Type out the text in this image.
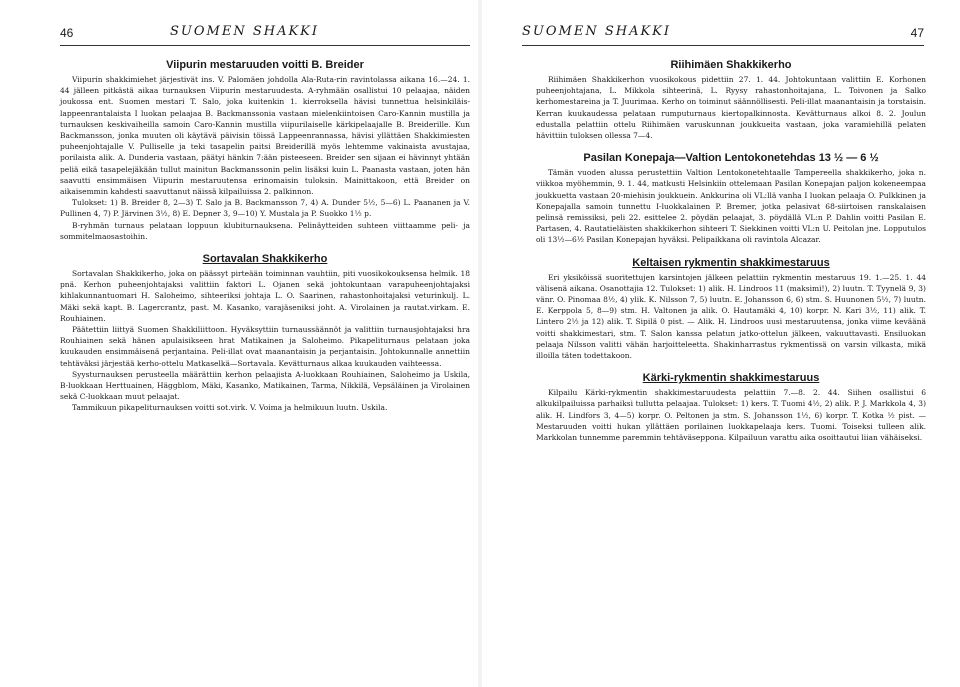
46	SUOMEN SHAKKI
Viipurin mestaruuden voitti B. Breider

Viipurin shakkimiehet järjestivät ins. V. Palomäen johdolla Ala-Ruta-rin ravintolassa aikana 16.—24. 1. 44 jälleen pitkästä aikaa turnauksen Viipurin mestaruudesta. A-ryhmään osallistui 10 pelaajaa, näiden joukossa ent. Suomen mestari T. Salo, joka kuitenkin 1. kierroksella hävisi tunnettua helsinkiläis-lappeenrantalaista I luokan pelaajaa B. Backmanssonia vastaan mielenkiintoisen Caro-Kannin mustilla ja turnauksen keskivaiheilla samoin Caro-Kannin mustilla viipurilaiselle kärkipelaajalle B. Breiderille. Kun Backmansson, jonka muuten oli käytävä päivisin töissä Lappeenrannassa, hävisi yllättäen Shakkimiesten puheenjohtajalle V. Pulliselle ja teki tasapelin paitsi Breiderillä myös lehtemme vakinaista avustajaa, porilaista alik. A. Dunderia vastaan, päätyi hänkin 7:ään pisteeseen. Breider sen sijaan ei hävinnyt yhtään peliä eikä tasapelejäkään tullut mainitun Backmanssonin pelin lisäksi kuin L. Paanasta vastaan, joten hän saavutti ensimmäisen Viipurin mestaruutensa erinomaisin tuloksin. Mainittakoon, että Breider on aikaisemmin kahdesti saavuttanut näissä kilpailuissa 2. palkinnon.

Tulokset: 1) B. Breider 8, 2—3) T. Salo ja B. Backmansson 7, 4) A. Dunder 5½, 5—6) L. Paananen ja V. Pullinen 4, 7) P. Järvinen 3½, 8) E. Depner 3, 9—10) Y. Mustala ja P. Suokko 1½ p.

B-ryhmän turnaus pelataan loppuun klubiturnauksena. Pelinäytteiden suhteen viittaamme peli- ja sommitelmaosastoihin.

Sortavalan Shakkikerho

Sortavalan Shakkikerho, joka on päässyt pirteään toiminnan vauhtiin, piti vuosikokouksensa helmik. 18 pnä. Kerhon puheenjohtajaksi valittiin faktori L. Ojanen sekä johtokuntaan varapuheenjohtajaksi kihlakunnantuomari H. Saloheimo, sihteeriksi johtaja L. O. Saarinen, rahastonhoitajaksi veturinkulj. L. Mäki sekä kapt. B. Lagercrantz, past. M. Kasanko, varajäseniksi joht. A. Virolainen ja rautat.virkam. E. Rouhiainen.

Päätettiin liittyä Suomen Shakkiliittoon. Hyväksyttiin turnaussäännöt ja valittiin turnausjohtajaksi hra Rouhiainen sekä hänen apulaisikseen hrat Matikainen ja Saloheimo. Pikapeliturnaus pelataan joka kuukauden ensimmäisenä perjantaina. Peli-illat ovat maanantaisin ja perjantaisin. Johtokunnalle annettiin tehtäväksi järjestää kerho-ottelu Matkaselkä—Sortavala. Kevätturnaus alkaa kuukauden vaihteessa.

Syysturnauksen perusteella määrättiin kerhon pelaajista A-luokkaan Rouhiainen, Saloheimo ja Uskila, B-luokkaan Herttuainen, Häggblom, Mäki, Kasanko, Matikainen, Tarma, Nikkilä, Vepsäläinen ja Virolainen sekä C-luokkaan muut pelaajat.

Tammikuun pikapeliturnauksen voitti sot.virk. V. Voima ja helmikuun luutn. Uskila.

SUOMEN SHAKKI	47
Riihimäen Shakkikerho

Riihimäen Shakkikerhon vuosikokous pidettiin 27. 1. 44. Johtokuntaan valittiin E. Korhonen puheenjohtajana, L. Mikkola sihteerinä, L. Ryysy rahastonhoitajana, L. Toivonen ja Salko kerhomestareina ja T. Juurimaa. Kerho on toiminut säännöllisesti. Peli-illat maanantaisin ja torstaisin. Kerran kuukaudessa pelataan rumputurnaus kiertopalkinnosta. Kevätturnaus alkoi 8. 2. Joulun edustalla pelattiin ottelu Riihimäen varuskunnan joukkueita vastaan, joka varamiehillä pelaten hävittiin tuloksen ollessa 7—4.

Pasilan Konepaja—Valtion Lentokonetehdas 13 ½ — 6 ½

Tämän vuoden alussa perustettiin Valtion Lentokonetehtaalle Tampereella shakkikerho, joka n. viikkoa myöhemmin, 9. 1. 44, matkusti Helsinkiin ottelemaan Pasilan Konepajan paljon kokeneempaa joukkuetta vastaan 20-miehisin joukkuein. Ankkurina oli VL:llä vanha I luokan pelaaja O. Pulkkinen ja Konepajalla samoin tunnettu I-luokkalainen P. Bremer, jotka pelasivat 68-siirtoisen ranskalaisen pelinsä remissiksi, peli 22. esittelee 2. pöydän pelaajat, 3. pöydällä VL:n P. Dahlin voitti Pasilan E. Partasen, 4. Rautatieläisten shakkikerhon sihteeri T. Siekkinen voitti VL:n U. Peitolan jne. Lopputulos oli 13½—6½ Pasilan Konepajan hyväksi. Pelipaikkana oli ravintola Alcazar.

Keltaisen rykmentin shakkimestaruus

Eri yksiköissä suoritettujen karsintojen jälkeen pelattiin rykmentin mestaruus 19. 1.—25. 1. 44 välisenä aikana. Osanottajia 12. Tulokset: 1) alik. H. Lindroos 11 (maksimi!), 2) luutn. T. Tyynelä 9, 3) vänr. O. Pinomaa 8½, 4) ylik. K. Nilsson 7, 5) luutn. E. Johansson 6, 6) stm. S. Huunonen 5½, 7) luutn. E. Kerppola 5, 8—9) stm. H. Valtonen ja alik. O. Hautamäki 4, 10) korpr. N. Kari 3½, 11) alik. T. Lintero 2½ ja 12) alik. T. Sipilä 0 pist. — Alik. H. Lindroos uusi mestaruutensa, jonka viime keväänä voitti shakkimestari, stm. T. Salon kanssa pelatun jatko-ottelun jälkeen, vakuuttavasti. Ensiluokan pelaaja Nilsson valitti vähän harjoitteleetta. Shakinharrastus rykmentissä on varsin vilkasta, mikä illoilla täten todettakoon.

Kärki-rykmentin shakkimestaruus

Kilpailu Kärki-rykmentin shakkimestaruudesta pelattiin 7.—8. 2. 44. Siihen osallistui 6 alkukilpailuissa parhaiksi tullutta pelaajaa. Tulokset: 1) kers. T. Tuomi 4½, 2) alik. P. J. Markkola 4, 3) alik. H. Lindfors 3, 4—5) korpr. O. Peltonen ja stm. S. Johansson 1½, 6) korpr. T. Kotka ½ pist. — Mestaruuden voitti hukan yllättäen porilainen luokkapelaaja kers. Tuomi. Toiseksi tulleen alik. Markkolan tunnemme paremmin tehtäväsepponа. Kilpailuun varattu aika osoittautui liian vähäiseksi.
